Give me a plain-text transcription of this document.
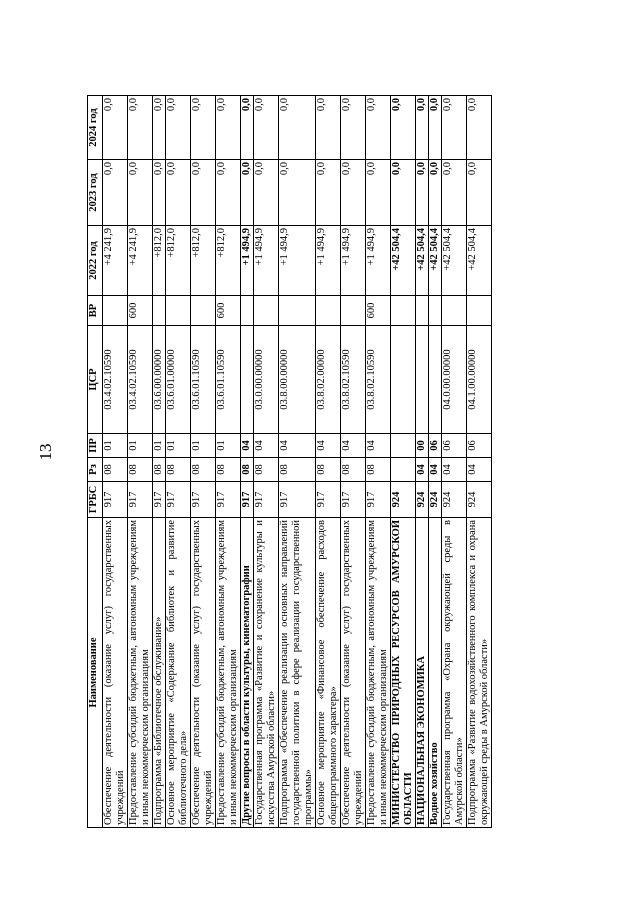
13
Наименование	ГРБС	Рз	ПР	ЦСР	ВР	2022 год	2023 год	2024 год
Обеспечение деятельности (оказание услуг) государственных учреждений	917	08	01	03.4.02.10590		+4 241,9	0,0	0,0
Предоставление субсидий бюджетным, автономным учреждениям и иным некоммерческим организациям	917	08	01	03.4.02.10590	600	+4 241,9	0,0	0,0
Подпрограмма «Библиотечное обслуживание»	917	08	01	03.6.00.00000		+812,0	0,0	0,0
Основное мероприятие «Содержание библиотек и развитие библиотечного дела»	917	08	01	03.6.01.00000		+812,0	0,0	0,0
Обеспечение деятельности (оказание услуг) государственных учреждений	917	08	01	03.6.01.10590		+812,0	0,0	0,0
Предоставление субсидий бюджетным, автономным учреждениям и иным некоммерческим организациям	917	08	01	03.6.01.10590	600	+812,0	0,0	0,0
Другие вопросы в области культуры, кинематографии	917	08	04			+1 494,9	0,0	0,0
Государственная программа «Развитие и сохранение культуры и искусства Амурской области»	917	08	04	03.0.00.00000		+1 494,9	0,0	0,0
Подпрограмма «Обеспечение реализации основных направлений государственной политики в сфере реализации государственной программы»	917	08	04	03.8.00.00000		+1 494,9	0,0	0,0
Основное мероприятие «Финансовое обеспечение расходов общепрограммного характера»	917	08	04	03.8.02.00000		+1 494,9	0,0	0,0
Обеспечение деятельности (оказание услуг) государственных учреждений	917	08	04	03.8.02.10590		+1 494,9	0,0	0,0
Предоставление субсидий бюджетным, автономным учреждениям и иным некоммерческим организациям	917	08	04	03.8.02.10590	600	+1 494,9	0,0	0,0
МИНИСТЕРСТВО ПРИРОДНЫХ РЕСУРСОВ АМУРСКОЙ ОБЛАСТИ	924					+42 504,4	0,0	0,0
НАЦИОНАЛЬНАЯ ЭКОНОМИКА	924	04	00			+42 504,4	0,0	0,0
Водное хозяйство	924	04	06			+42 504,4	0,0	0,0
Государственная программа «Охрана окружающей среды в Амурской области»	924	04	06	04.0.00.00000		+42 504,4	0,0	0,0
Подпрограмма «Развитие водохозяйственного комплекса и охрана окружающей среды в Амурской области»	924	04	06	04.1.00.00000		+42 504,4	0,0	0,0
